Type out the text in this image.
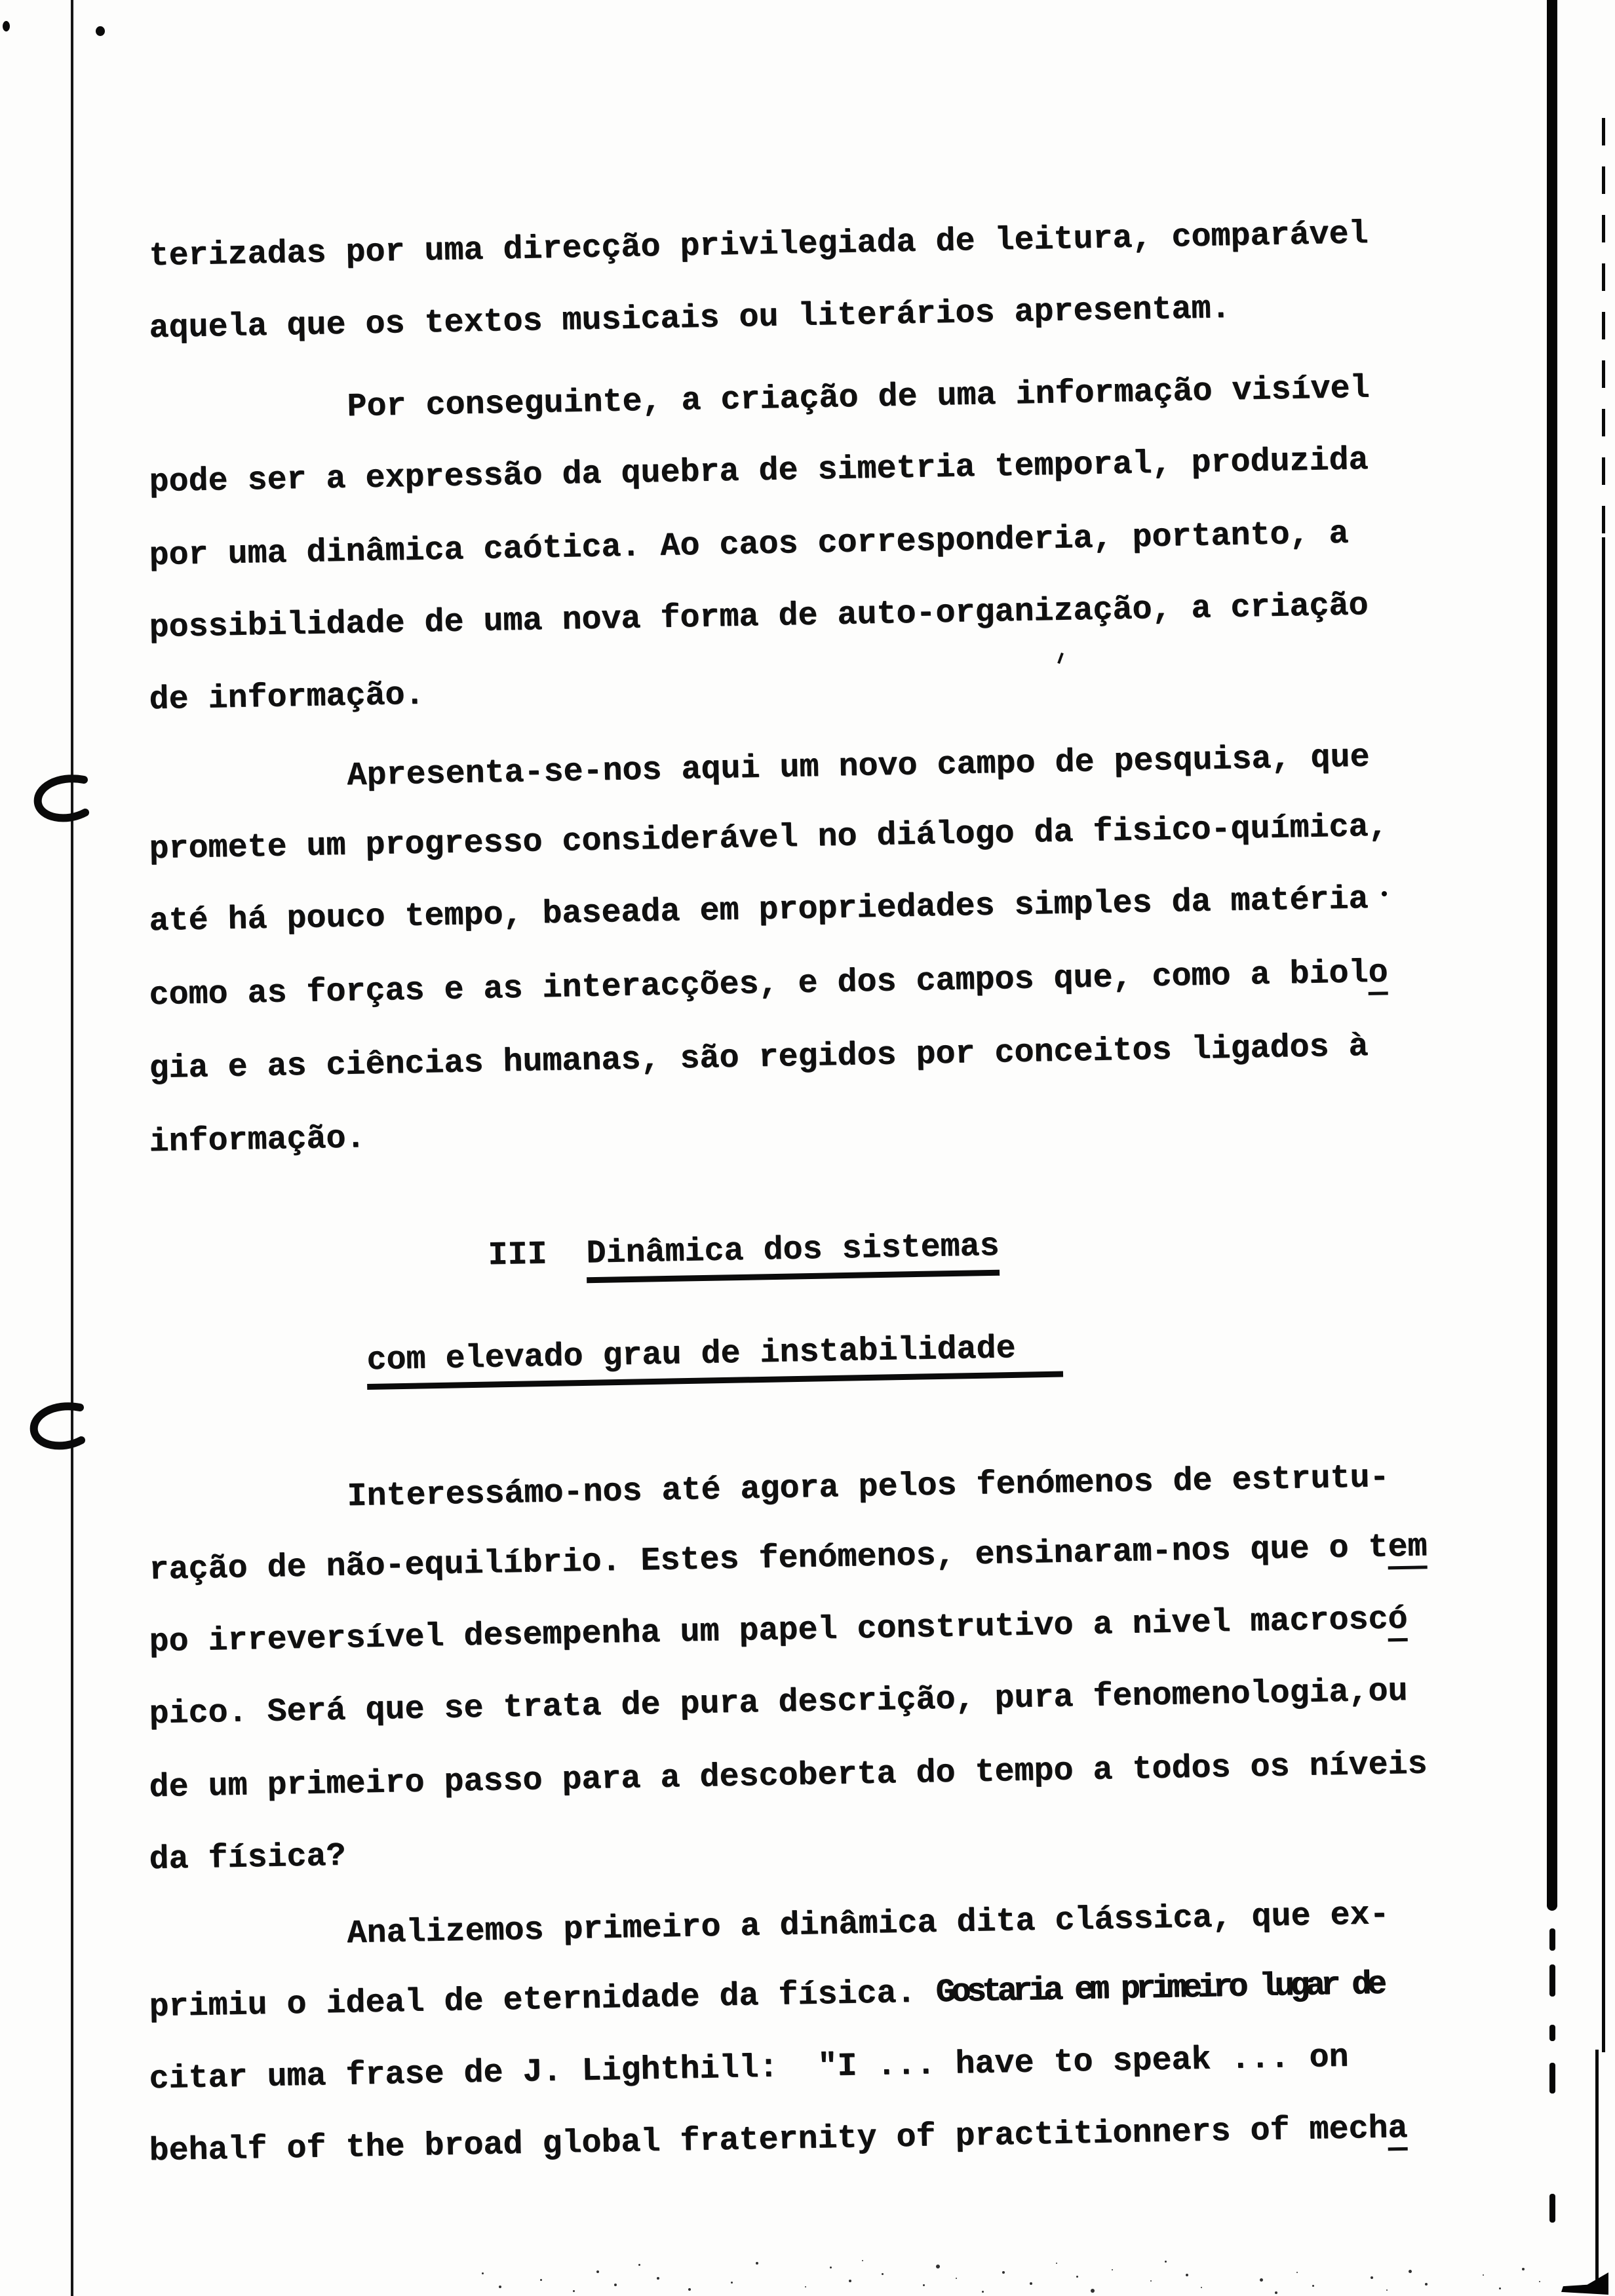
terizadas por uma direcção privilegiada de leitura, comparável
aquela que os textos musicais ou literários apresentam.
Por conseguinte, a criação de uma informação visível
pode ser a expressão da quebra de simetria temporal, produzida
por uma dinâmica caótica. Ao caos corresponderia, portanto, a
possibilidade de uma nova forma de auto-organização, a criação
de informação.
Apresenta-se-nos aqui um novo campo de pesquisa, que
promete um progresso considerável no diálogo da fisico-química,
até há pouco tempo, baseada em propriedades simples da matéria
como as forças e as interacções, e dos campos que, como a biolo
gia e as ciências humanas, são regidos por conceitos ligados à
informação.
III  Dinâmica dos sistemas
com elevado grau de instabilidade
Interessámo-nos até agora pelos fenómenos de estrutu-
ração de não-equilíbrio. Estes fenómenos, ensinaram-nos que o tem
po irreversível desempenha um papel construtivo a nivel macroscó
pico. Será que se trata de pura descrição, pura fenomenologia,ou
de um primeiro passo para a descoberta do tempo a todos os níveis
da física?
Analizemos primeiro a dinâmica dita clássica, que ex-
primiu o ideal de eternidade da física. Gostaria em primeiro lugar de
citar uma frase de J. Lighthill:  "I ... have to speak ... on
behalf of the broad global fraternity of practitionners of mecha
